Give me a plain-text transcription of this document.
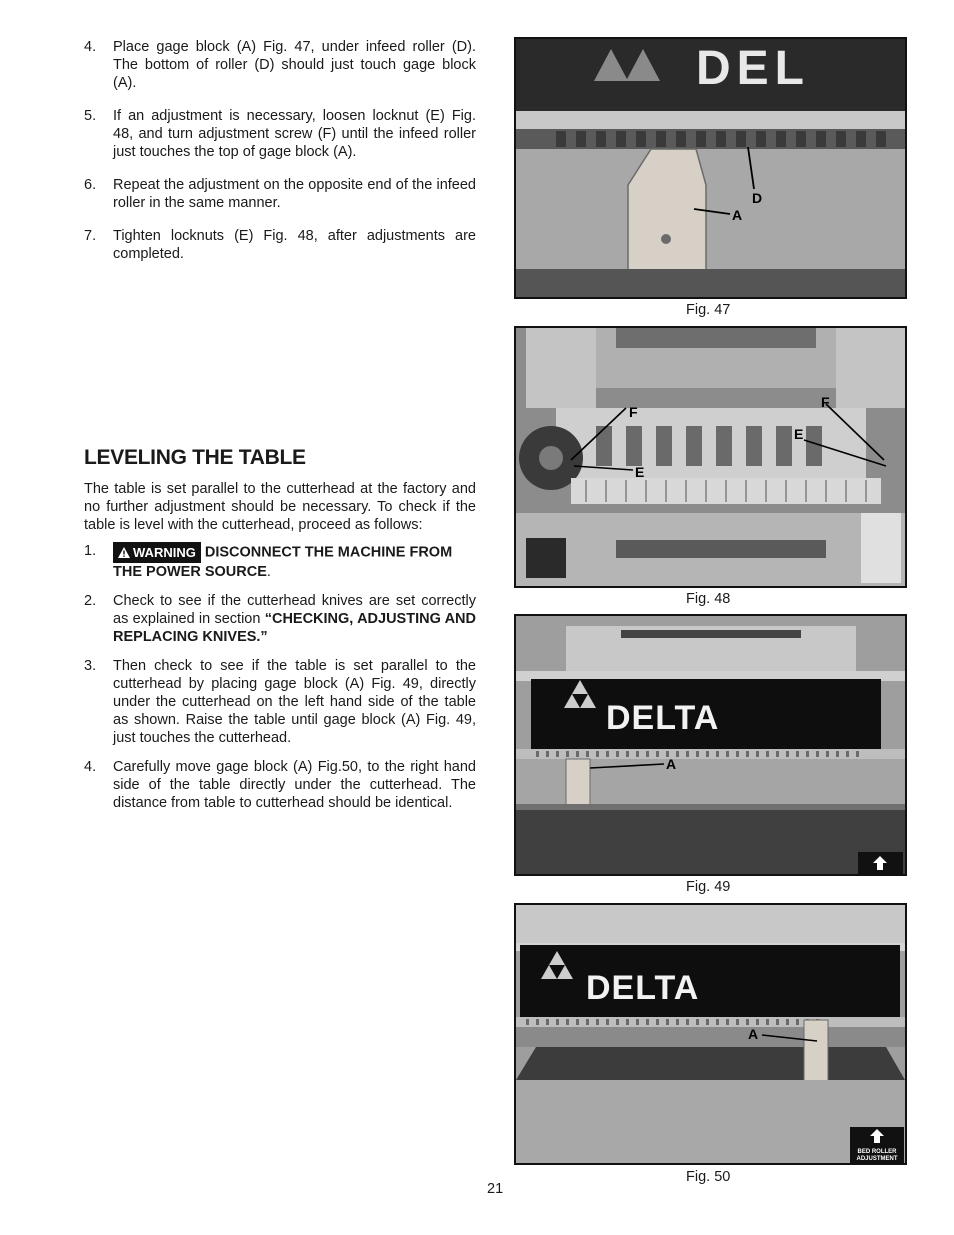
4.	Place gage block (A) Fig. 47, under infeed roller (D). The bottom of roller (D) should just touch gage block (A).
5.	If an adjustment is necessary, loosen locknut (E) Fig. 48, and turn adjustment screw (F) until the infeed roller just touches the top of gage block (A).
6.	Repeat the adjustment on the opposite end of the infeed roller in the same manner.
7.	Tighten locknuts (E) Fig. 48, after adjustments are completed.
LEVELING THE TABLE
The table is set parallel to the cutterhead at the factory and no further adjustment should be necessary. To check if the table is level with the cutterhead, proceed as follows:
1.	WARNING DISCONNECT THE MACHINE FROM THE POWER SOURCE.
2.	Check to see if the cutterhead knives are set correctly as explained in section “CHECKING, ADJUSTING AND REPLACING KNIVES.”
3.	Then check to see if the table is set parallel to the cutterhead by placing gage block (A) Fig. 49, directly under the cutterhead on the left hand side of the table as shown. Raise the table until gage block (A) Fig. 49, just touches the cutterhead.
4.	Carefully move gage block (A) Fig.50, to the right hand side of the table directly under the cutterhead. The distance from table to cutterhead should be identical.
DEL
A
D
Fig. 47
F
F
E
E
Fig. 48
DELTA
A
Fig. 49
DELTA
A
BED ROLLER
ADJUSTMENT
Fig. 50
21
